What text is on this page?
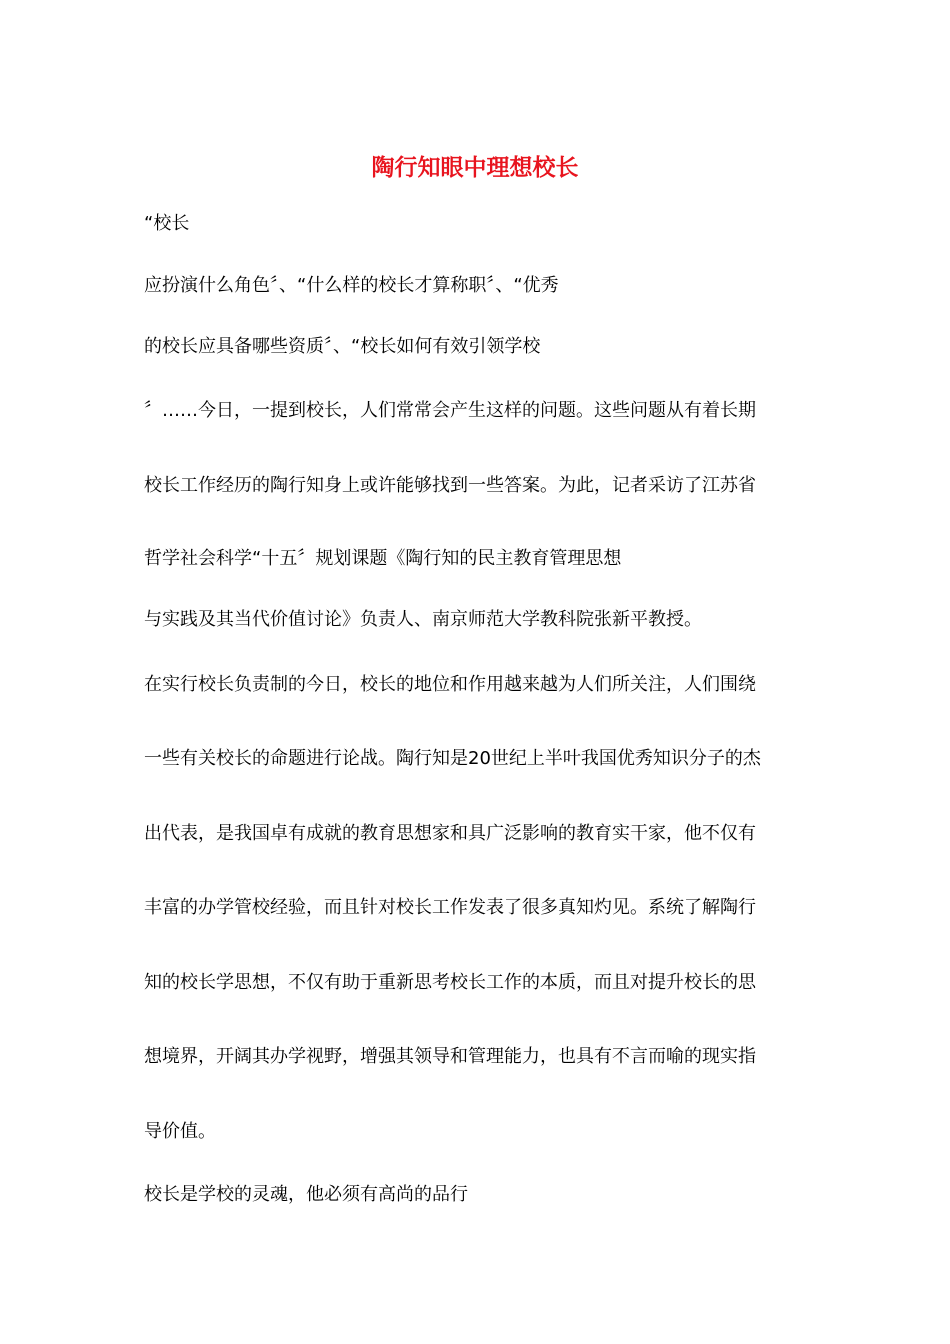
陶行知眼中理想校长
“校长
应扮演什么角色〞、“什么样的校长才算称职〞、“优秀
的校长应具备哪些资质〞、“校长如何有效引领学校
〞……今日，一提到校长，人们常常会产生这样的问题。这些问题从有着长期
校长工作经历的陶行知身上或许能够找到一些答案。为此，记者采访了江苏省
哲学社会科学“十五〞规划课题《陶行知的民主教育管理思想
与实践及其当代价值讨论》负责人、南京师范大学教科院张新平教授。
在实行校长负责制的今日，校长的地位和作用越来越为人们所关注，人们围绕
一些有关校长的命题进行论战。陶行知是20世纪上半叶我国优秀知识分子的杰
出代表，是我国卓有成就的教育思想家和具广泛影响的教育实干家，他不仅有
丰富的办学管校经验，而且针对校长工作发表了很多真知灼见。系统了解陶行
知的校长学思想，不仅有助于重新思考校长工作的本质，而且对提升校长的思
想境界，开阔其办学视野，增强其领导和管理能力，也具有不言而喻的现实指
导价值。
校长是学校的灵魂，他必须有高尚的品行
